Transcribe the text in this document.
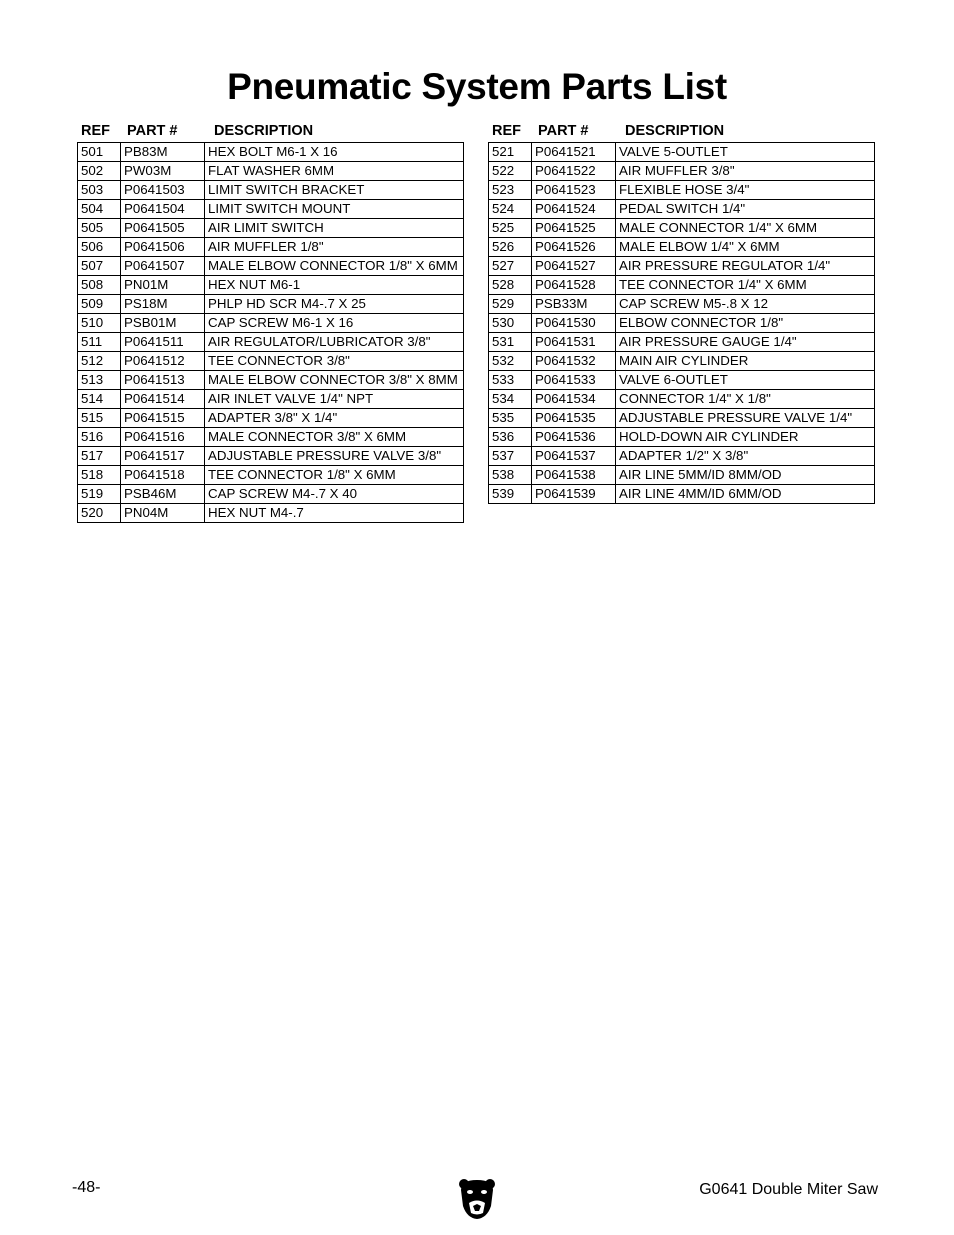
Pneumatic System Parts List
REF	PART #	DESCRIPTION
501	PB83M	HEX BOLT M6-1 X 16
502	PW03M	FLAT WASHER 6MM
503	P0641503	LIMIT SWITCH BRACKET
504	P0641504	LIMIT SWITCH MOUNT
505	P0641505	AIR LIMIT SWITCH
506	P0641506	AIR MUFFLER 1/8"
507	P0641507	MALE ELBOW CONNECTOR 1/8" X 6MM
508	PN01M	HEX NUT M6-1
509	PS18M	PHLP HD SCR M4-.7 X 25
510	PSB01M	CAP SCREW M6-1 X 16
511	P0641511	AIR REGULATOR/LUBRICATOR 3/8"
512	P0641512	TEE CONNECTOR 3/8"
513	P0641513	MALE ELBOW CONNECTOR 3/8" X 8MM
514	P0641514	AIR INLET VALVE 1/4" NPT
515	P0641515	ADAPTER 3/8" X 1/4"
516	P0641516	MALE CONNECTOR 3/8" X 6MM
517	P0641517	ADJUSTABLE PRESSURE VALVE 3/8"
518	P0641518	TEE CONNECTOR 1/8" X 6MM
519	PSB46M	CAP SCREW M4-.7 X 40
520	PN04M	HEX NUT M4-.7
REF	PART #	DESCRIPTION
521	P0641521	VALVE 5-OUTLET
522	P0641522	AIR MUFFLER 3/8"
523	P0641523	FLEXIBLE HOSE 3/4"
524	P0641524	PEDAL SWITCH 1/4"
525	P0641525	MALE CONNECTOR 1/4" X 6MM
526	P0641526	MALE ELBOW 1/4" X 6MM
527	P0641527	AIR PRESSURE REGULATOR 1/4"
528	P0641528	TEE CONNECTOR 1/4" X 6MM
529	PSB33M	CAP SCREW M5-.8 X 12
530	P0641530	ELBOW CONNECTOR 1/8"
531	P0641531	AIR PRESSURE GAUGE 1/4"
532	P0641532	MAIN AIR CYLINDER
533	P0641533	VALVE 6-OUTLET
534	P0641534	CONNECTOR 1/4" X 1/8"
535	P0641535	ADJUSTABLE PRESSURE VALVE 1/4"
536	P0641536	HOLD-DOWN AIR CYLINDER
537	P0641537	ADAPTER 1/2" X 3/8"
538	P0641538	AIR LINE 5MM/ID 8MM/OD
539	P0641539	AIR LINE 4MM/ID 6MM/OD
-48-	G0641 Double Miter Saw
